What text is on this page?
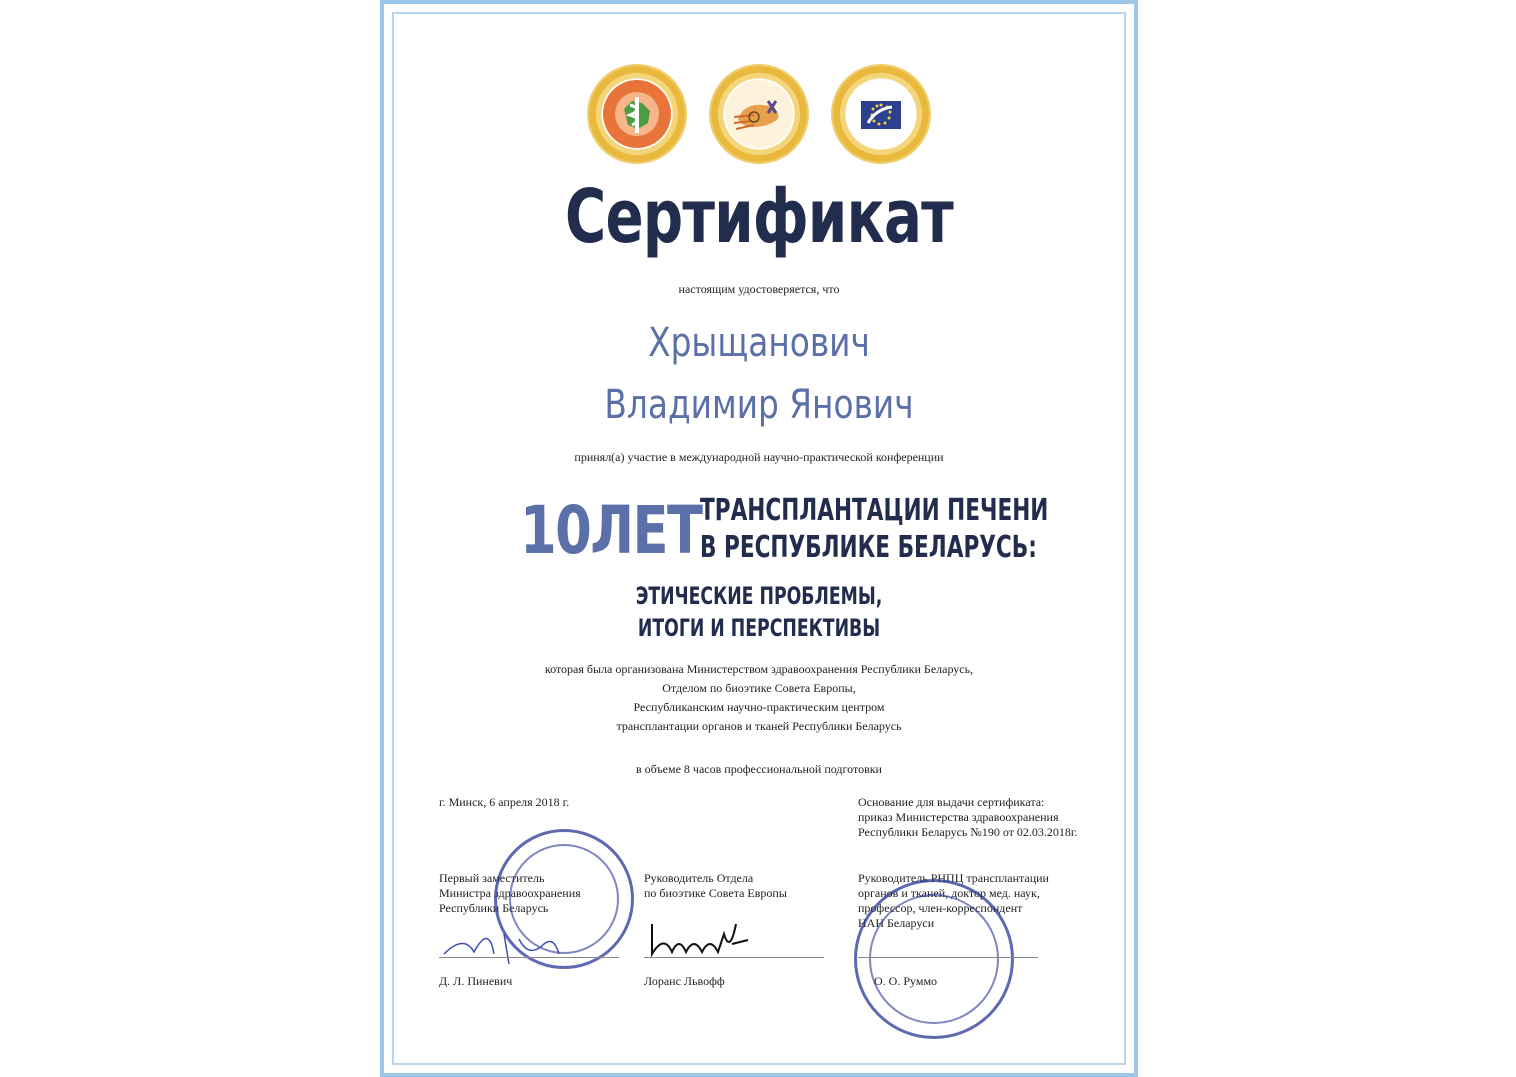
Сертификат
настоящим удостоверяется, что
Хрыщанович
Владимир Янович
принял(а) участие в международной научно-практической конференции
10ЛЕТ
ТРАНСПЛАНТАЦИИ ПЕЧЕНИ
В РЕСПУБЛИКЕ БЕЛАРУСЬ:
ЭТИЧЕСКИЕ ПРОБЛЕМЫ,
ИТОГИ И ПЕРСПЕКТИВЫ
которая была организована Министерством здравоохранения Республики Беларусь,
Отделом по биоэтике Совета Европы,
Республиканским научно-практическим центром
трансплантации органов и тканей Республики Беларусь
в объеме 8 часов профессиональной подготовки
г. Минск, 6 апреля 2018 г.	Основание для выдачи сертификата:
приказ Министерства здравоохранения
Республики Беларусь №190 от 02.03.2018г.
Первый заместитель
Министра здравоохранения
Республики Беларусь
Д. Л. Пиневич
Руководитель Отдела
по биоэтике Совета Европы
Лоранс Львофф
Руководитель РНПЦ трансплантации
органов и тканей, доктор мед. наук,
профессор, член-корреспондент
НАН Беларуси
О. О. Руммо
